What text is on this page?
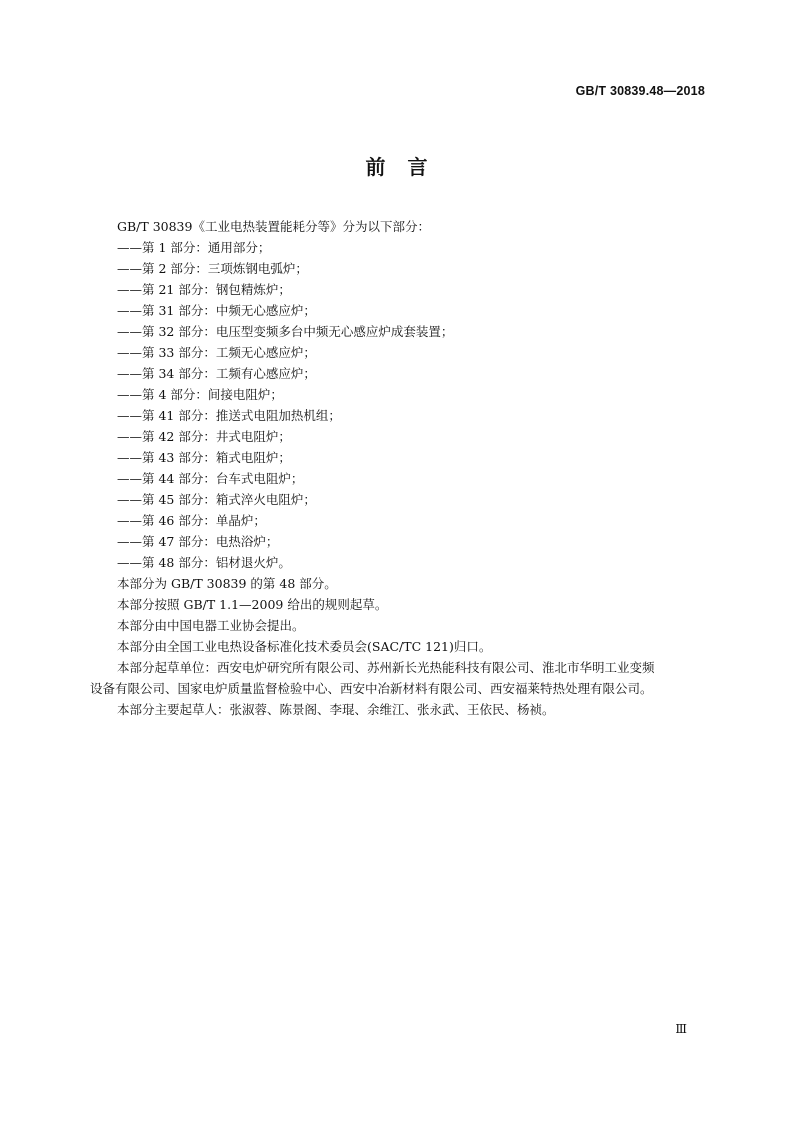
GB/T 30839.48—2018
前　言
GB/T 30839《工业电热装置能耗分等》分为以下部分：
——第 1 部分：通用部分；
——第 2 部分：三项炼钢电弧炉；
——第 21 部分：钢包精炼炉；
——第 31 部分：中频无心感应炉；
——第 32 部分：电压型变频多台中频无心感应炉成套装置；
——第 33 部分：工频无心感应炉；
——第 34 部分：工频有心感应炉；
——第 4 部分：间接电阻炉；
——第 41 部分：推送式电阻加热机组；
——第 42 部分：井式电阻炉；
——第 43 部分：箱式电阻炉；
——第 44 部分：台车式电阻炉；
——第 45 部分：箱式淬火电阻炉；
——第 46 部分：单晶炉；
——第 47 部分：电热浴炉；
——第 48 部分：铝材退火炉。
本部分为 GB/T 30839 的第 48 部分。
本部分按照 GB/T 1.1—2009 给出的规则起草。
本部分由中国电器工业协会提出。
本部分由全国工业电热设备标准化技术委员会(SAC/TC 121)归口。
本部分起草单位：西安电炉研究所有限公司、苏州新长光热能科技有限公司、淮北市华明工业变频
设备有限公司、国家电炉质量监督检验中心、西安中冶新材料有限公司、西安福莱特热处理有限公司。
本部分主要起草人：张淑蓉、陈景阁、李琨、余维江、张永武、王依民、杨祯。
Ⅲ
